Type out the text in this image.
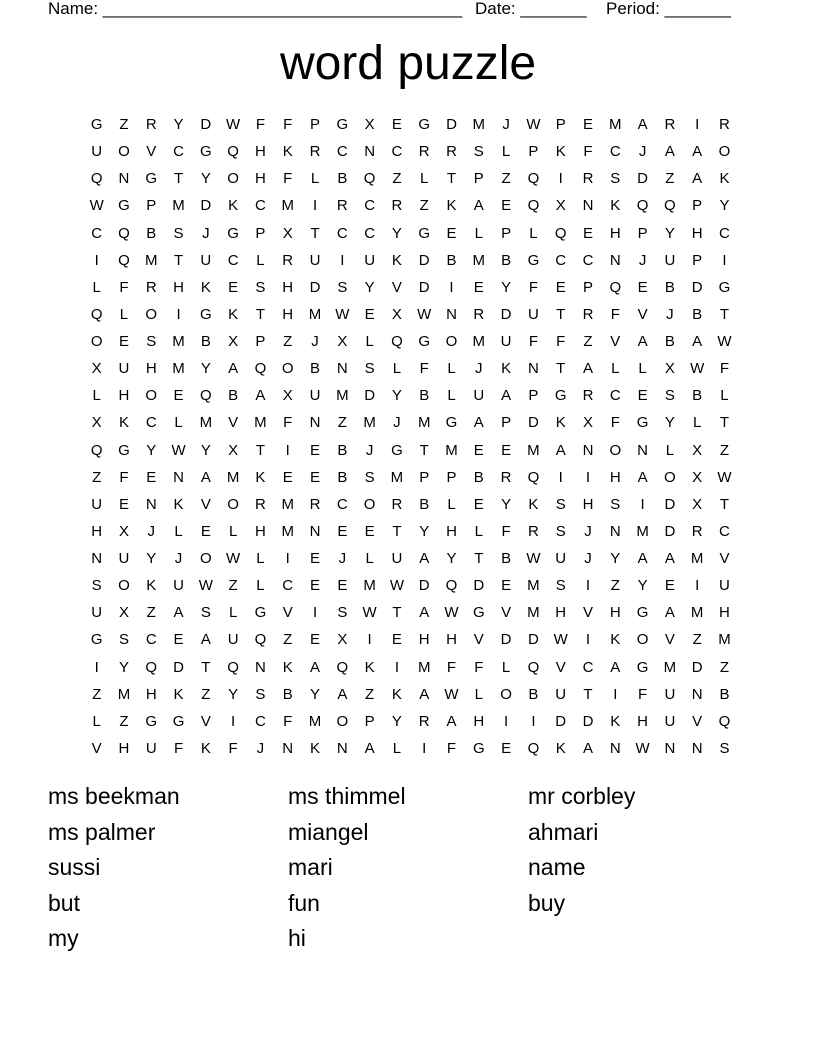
Name: ______________________________________ Date: _______ Period: _______
word puzzle
G	Z	R	Y	D W	F	F	P	G	X	E	G	D	M	J	W	P	E	M	A	R	I	R
U	O	V	C	G	Q	H	K	R	C	N	C	R	R	S	L	P	K	F	C	J	A	A	O
Q	N	G	T	Y	O	H	F	L	B	Q	Z	L	T	P	Z	Q	I	R	S	D	Z	A	K
W G	P	M	D	K	C	M	I	R	C	R	Z	K	A	E	Q	X	N	K	Q	Q	P	Y
C	Q	B	S	J	G	P	X	T	C	C	Y	G	E	L	P	L	Q	E	H	P	Y	H	C
I	Q	M	T	U	C	L	R	U	I	U	K	D	B	M	B	G	C	C	N	J	U	P	I
L	F	R	H	K	E	S	H	D	S	Y	V	D	I	E	Y	F	E	P	Q	E	B	D	G
Q	L	O	I	G	K	T	H	M W	E	X	W N	R	D	U	T	R	F	V	J	B	T
O	E	S	M	B	X	P	Z	J	X	L	Q	G	O	M	U	F	F	Z	V	A	B	A	W
X	U	H	M	Y	A	Q	O	B	N	S	L	F	L	J	K	N	T	A	L	L	X	W	F
L	H	O	E	Q	B	A	X	U	M	D	Y	B	L	U	A	P	G	R	C	E	S	B	L
X	K	C	L	M	V	M	F	N	Z	M	J	M	G	A	P	D	K	X	F	G	Y	L	T
Q	G	Y	W	Y	X	T	I	E	B	J	G	T	M	E	E	M	A	N	O	N	L	X	Z
Z	F	E	N	A	M	K	E	E	B	S	M	P	P	B	R	Q	I	I	H	A	O	X	W
U	E	N	K	V	O	R	M	R	C	O	R	B	L	E	Y	K	S	H	S	I	D	X	T
H	X	J	L	E	L	H	M	N	E	E	T	Y	H	L	F	R	S	J	N	M	D	R	C
N	U	Y	J	O W	L	I	E	J	L	U	A	Y	T	B	W U	J	Y	A	A	M	V
S	O	K	U W	Z	L	C	E	E	M W D	Q	D	E	M	S	I	Z	Y	E	I	U
U	X	Z	A	S	L	G	V	I	S	W	T	A	W G	V	M	H	V	H	G	A	M	H
G	S	C	E	A	U	Q	Z	E	X	I	E	H	H	V	D	D W	I	K	O	V	Z	M
I	Y	Q	D	T	Q	N	K	A	Q	K	I	M	F	F	L	Q	V	C	A	G	M	D	Z
Z	M	H	K	Z	Y	S	B	Y	A	Z	K	A	W	L	O	B	U	T	I	F	U	N	B
L	Z	G	G	V	I	C	F	M	O	P	Y	R	A	H	I	I	D	D	K	H	U	V	Q
V	H	U	F	K	F	J	N	K	N	A	L	I	F	G	E	Q	K	A	N W N	N	S
ms beekman	ms thimmel	mr corbley
ms palmer	miangel	ahmari
sussi	mari	name
but	fun	buy
my	hi
